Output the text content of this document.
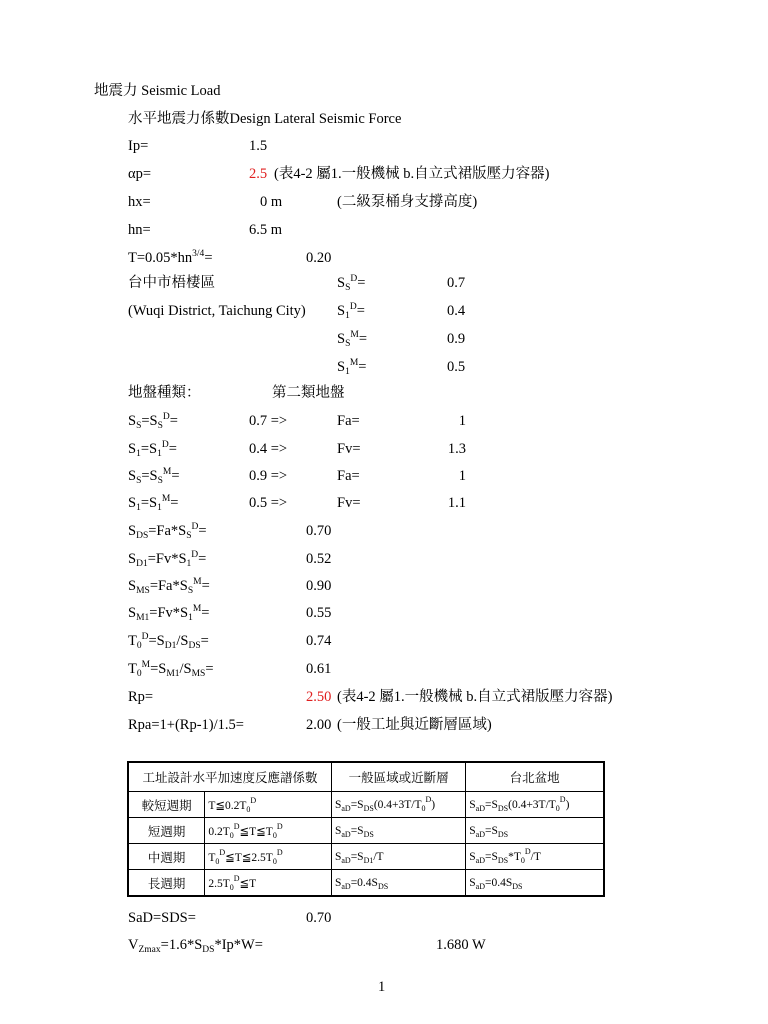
地震力 Seismic Load
水平地震力係數Design Lateral Seismic Force
Ip=	1.5
αp=	2.5 (表4-2 屬1.一般機械 b.自立式裙版壓力容器)
hx=	0 m	(二級泵桶身支撐高度)
hn=	6.5 m
$T=0.05*hn^{3/4}=$	0.20
台中市梧棲區
(Wuqi District, Taichung City)
$S_S^D=$	0.7
$S_1^D=$	0.4
$S_S^M=$	0.9
$S_1^M=$	0.5
地盤種類：	第二類地盤
$S_S=S_S^D=$	0.7 =>	Fa=	1
$S_1=S_1^D=$	0.4 =>	Fv=	1.3
$S_S=S_S^M=$	0.9 =>	Fa=	1
$S_1=S_1^M=$	0.5 =>	Fv=	1.1
$S_{DS}=Fa*S_S^D=$	0.70
$S_{D1}=Fv*S_1^D=$	0.52
$S_{MS}=Fa*S_S^M=$	0.90
$S_{M1}=Fv*S_1^M=$	0.55
$T_0^D=S_{D1}/S_{DS}=$	0.74
$T_0^M=S_{M1}/S_{MS}=$	0.61
Rp=	2.50 (表4-2 屬1.一般機械 b.自立式裙版壓力容器)
Rpa=1+(Rp-1)/1.5=	2.00 (一般工址與近斷層區域)
工址設計水平加速度反應譜係數		一般區域或近斷層	台北盆地
較短週期	$T≦0.2T_0^D$	$S_{aD}=S_{DS}(0.4+3T/T_0^D)$	$S_{aD}=S_{DS}(0.4+3T/T_0^D)$
短週期	$0.2T_0^D≦T≦T_0^D$	$S_{aD}=S_{DS}$	$S_{aD}=S_{DS}$
中週期	$T_0^D≦T≦2.5T_0^D$	$S_{aD}=S_{D1}/T$	$S_{aD}=S_{DS}*T_0^D/T$
長週期	$2.5T_0^D≦T$	$S_{aD}=0.4S_{DS}$	$S_{aD}=0.4S_{DS}$
SaD=SDS=	0.70
$V_{Zmax}=1.6*S_{DS}*Ip*W=$	1.680 W
1
